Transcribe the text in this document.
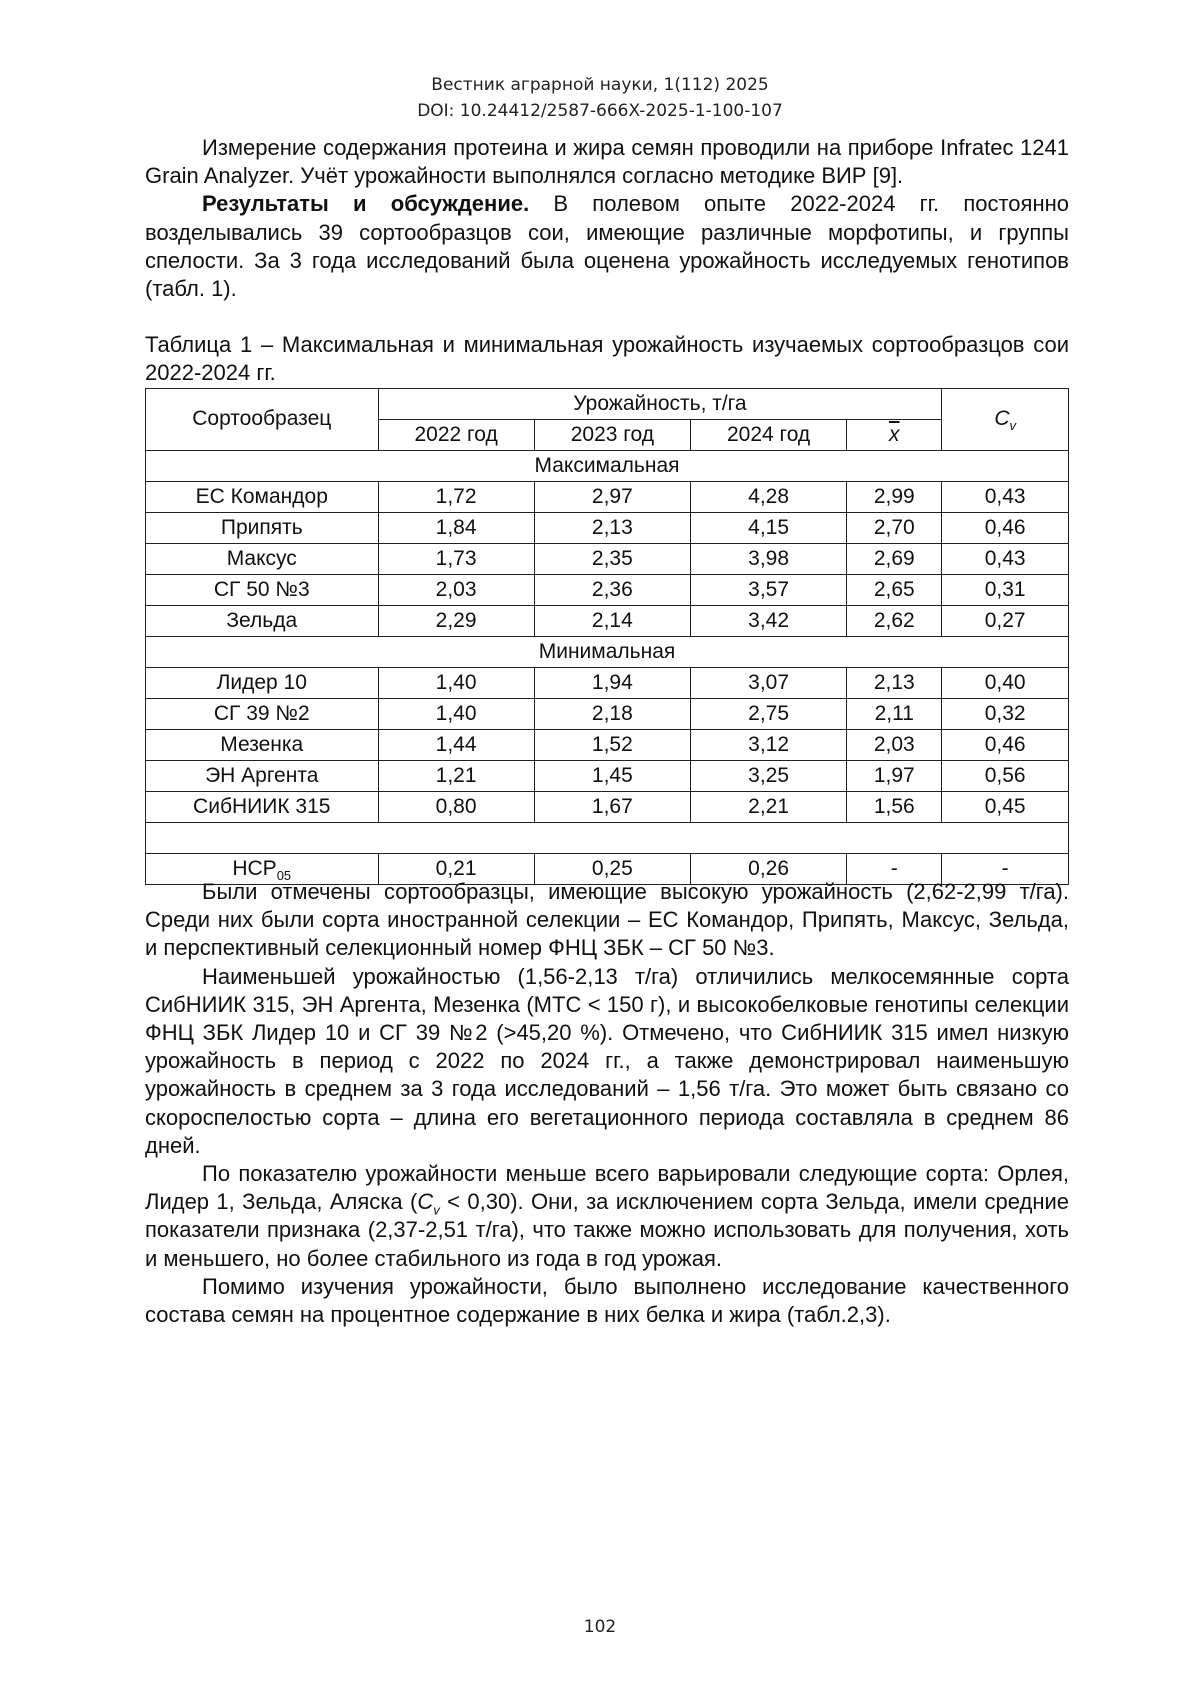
Вестник аграрной науки, 1(112) 2025
DOI: 10.24412/2587-666X-2025-1-100-107

Измерение содержания протеина и жира семян проводили на приборе Infratec 1241 Grain Analyzer. Учёт урожайности выполнялся согласно методике ВИР [9].

Результаты и обсуждение. В полевом опыте 2022-2024 гг. постоянно возделывались 39 сортообразцов сои, имеющие различные морфотипы, и группы спелости. За 3 года исследований была оценена урожайность исследуемых генотипов (табл. 1).

Таблица 1 – Максимальная и минимальная урожайность изучаемых сортообразцов сои 2022-2024 гг.

Сортообразец	Урожайность, т/га				$C_v$
	2022 год	2023 год	2024 год	$\overline{x}$
Максимальная					
ЕС Командор	1,72	2,97	4,28	2,99	0,43
Припять	1,84	2,13	4,15	2,70	0,46
Максус	1,73	2,35	3,98	2,69	0,43
СГ 50 №3	2,03	2,36	3,57	2,65	0,31
Зельда	2,29	2,14	3,42	2,62	0,27
Минимальная					
Лидер 10	1,40	1,94	3,07	2,13	0,40
СГ 39 №2	1,40	2,18	2,75	2,11	0,32
Мезенка	1,44	1,52	3,12	2,03	0,46
ЭН Аргента	1,21	1,45	3,25	1,97	0,56
СибНИИК 315	0,80	1,67	2,21	1,56	0,45

$НСР_{05}$	0,21	0,25	0,26	-	-

Были отмечены сортообразцы, имеющие высокую урожайность (2,62-2,99 т/га). Среди них были сорта иностранной селекции – ЕС Командор, Припять, Максус, Зельда, и перспективный селекционный номер ФНЦ ЗБК – СГ 50 №3.

Наименьшей урожайностью (1,56-2,13 т/га) отличились мелкосемянные сорта СибНИИК 315, ЭН Аргента, Мезенка (МТС < 150 г), и высокобелковые генотипы селекции ФНЦ ЗБК Лидер 10 и СГ 39 №2 (>45,20 %). Отмечено, что СибНИИК 315 имел низкую урожайность в период с 2022 по 2024 гг., а также демонстрировал наименьшую урожайность в среднем за 3 года исследований – 1,56 т/га. Это может быть связано со скороспелостью сорта – длина его вегетационного периода составляла в среднем 86 дней.

По показателю урожайности меньше всего варьировали следующие сорта: Орлея, Лидер 1, Зельда, Аляска $(C_v < 0,30)$. Они, за исключением сорта Зельда, имели средние показатели признака (2,37-2,51 т/га), что также можно использовать для получения, хоть и меньшего, но более стабильного из года в год урожая.

Помимо изучения урожайности, было выполнено исследование качественного состава семян на процентное содержание в них белка и жира (табл.2,3).

102
